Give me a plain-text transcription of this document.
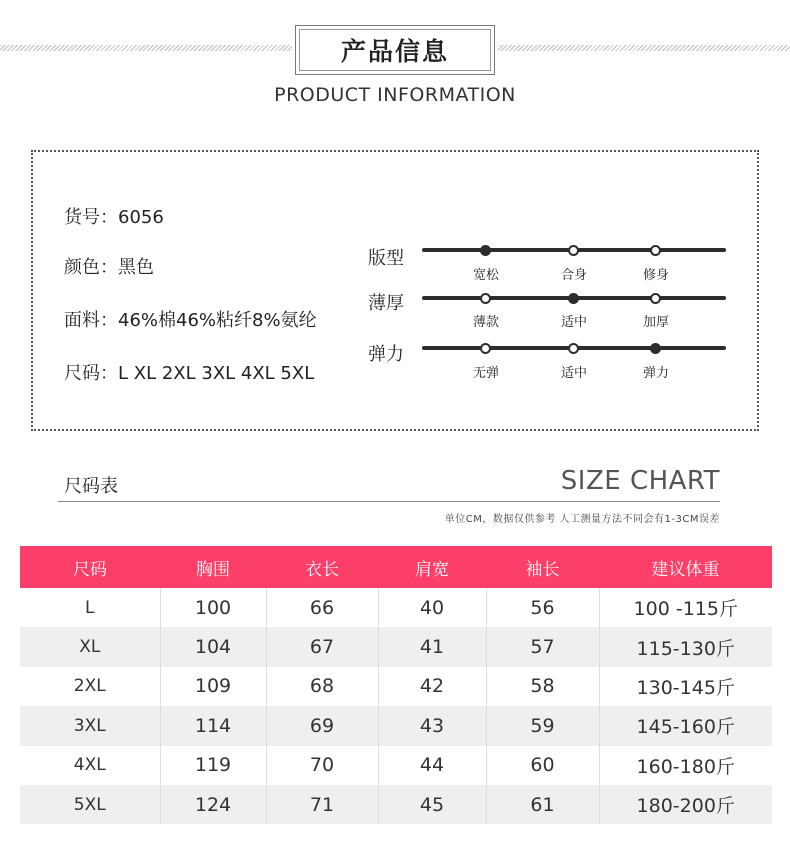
产品信息
PRODUCT INFORMATION
货号：6056
颜色：黑色
面料：46%棉46%粘纤8%氨纶
尺码：L XL 2XL 3XL 4XL 5XL
版型
宽松	合身	修身
薄厚
薄款	适中	加厚
弹力
无弹	适中	弹力
尺码表	SIZE CHART
单位CM，数据仅供参考 人工测量方法不同会有1-3CM误差
尺码	胸围	衣长	肩宽	袖长	建议体重
L	100	66	40	56	100 -115斤
XL	104	67	41	57	115-130斤
2XL	109	68	42	58	130-145斤
3XL	114	69	43	59	145-160斤
4XL	119	70	44	60	160-180斤
5XL	124	71	45	61	180-200斤
